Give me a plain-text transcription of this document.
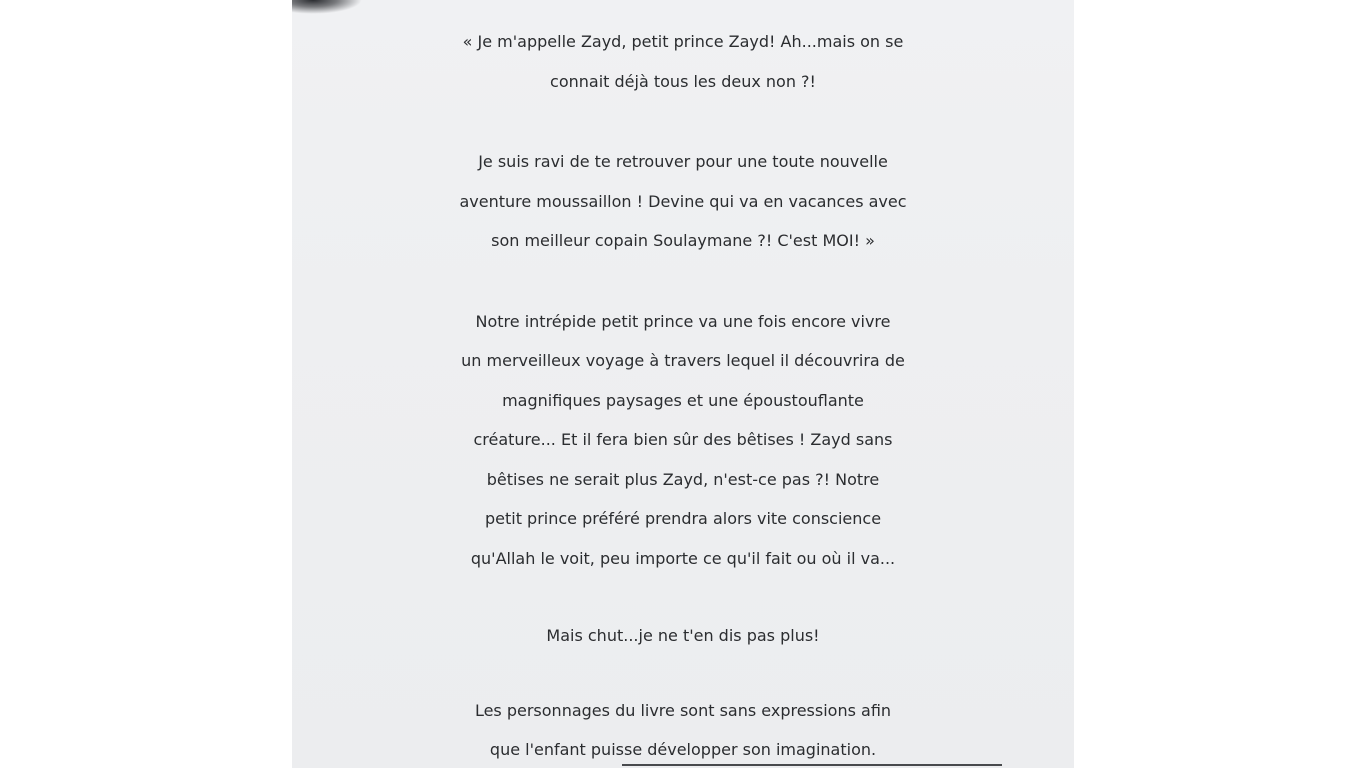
« Je m'appelle Zayd, petit prince Zayd! Ah...mais on se
connait déjà tous les deux non ?!

Je suis ravi de te retrouver pour une toute nouvelle
aventure moussaillon ! Devine qui va en vacances avec
son meilleur copain Soulaymane ?! C'est MOI! »

Notre intrépide petit prince va une fois encore vivre
un merveilleux voyage à travers lequel il découvrira de
magnifiques paysages et une époustouflante
créature... Et il fera bien sûr des bêtises ! Zayd sans
bêtises ne serait plus Zayd, n'est-ce pas ?! Notre
petit prince préféré prendra alors vite conscience
qu'Allah le voit, peu importe ce qu'il fait ou où il va...

Mais chut...je ne t'en dis pas plus!

Les personnages du livre sont sans expressions afin
que l'enfant puisse développer son imagination.
